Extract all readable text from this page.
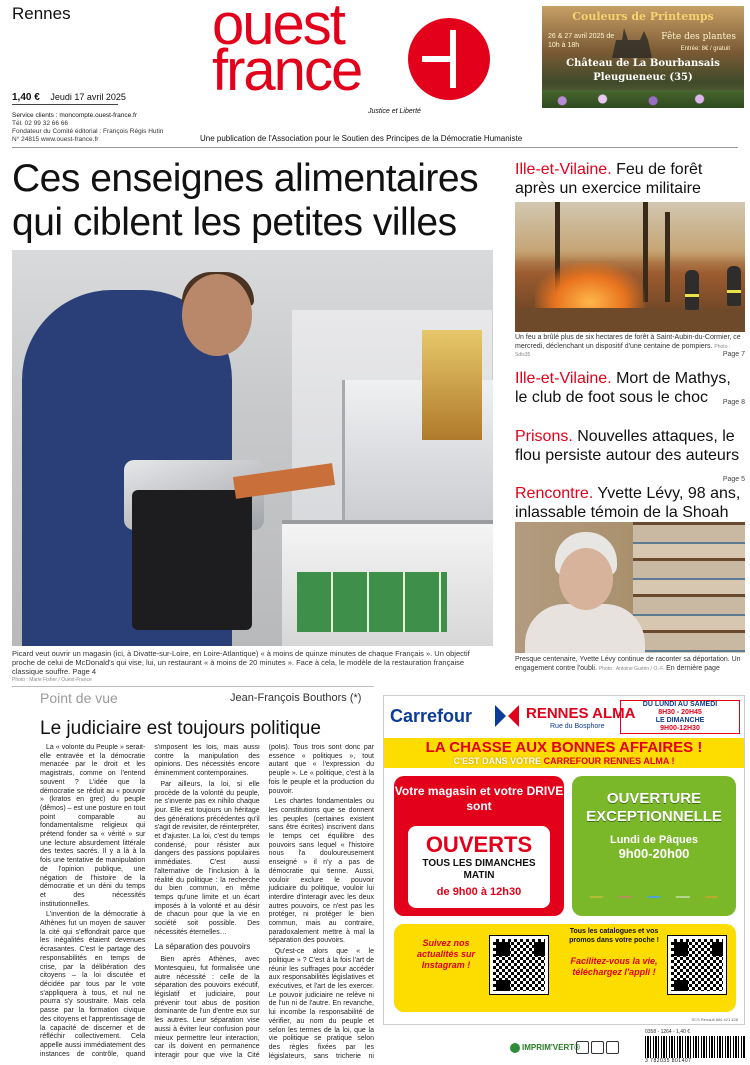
Rennes ouest
france
Justice et Liberté
Une publication de l'Association pour le Soutien des Principes de la Démocratie Humaniste
1,40 € Jeudi 17 avril 2025

Service clients : moncompte.ouest-france.fr

Tél. 02 99 32 66 66

Fondateur du Comité éditorial : François Régis Hutin

N° 24815 www.ouest-france.fr

Couleurs de Printemps
26 & 27 avril 2025 de 10h à 18h
Fête des plantes
Entrée: 8€ / gratuit
Château de La Bourbansais
Pleugueneuc (35)
Ces enseignes alimentaires qui ciblent les petites villes
Picard veut ouvrir un magasin (ici, à Divatte-sur-Loire, en Loire-Atlantique) « à moins de quinze minutes de chaque Français ». Un objectif proche de celui de McDonald's qui vise, lui, un restaurant « à moins de 20 minutes ». Face à cela, le modèle de la restauration française classique souffre. Page 4
Photo : Marie Fisher / Ouest-France
Ille-et-Vilaine. Feu de forêt après un exercice militaire
Un feu a brûlé plus de six hectares de forêt à Saint-Aubin-du-Cormier, ce mercredi, déclenchant un dispositif d'une centaine de pompiers. Photo : Sdis35	Page 7
Ille-et-Vilaine. Mort de Mathys, le club de foot sous le choc Page 8
Prisons. Nouvelles attaques, le flou persiste autour des auteurs
Page 5
Rencontre. Yvette Lévy, 98 ans, inlassable témoin de la Shoah
Presque centenaire, Yvette Lévy continue de raconter sa déportation. Un engagement contre l'oubli. Photo : Antoine Guérin / O.-F. En dernière page
Point de vue	Jean-François Bouthors (*)
Le judiciaire est toujours politique

La « volonté du Peuple » serait-elle entravée et la démocratie menacée par le droit et les magistrats, comme on l'entend souvent ? L'idée que la démocratie se réduit au « pouvoir » (kratos en grec) du peuple (dêmos) – est une posture en tout point comparable au fondamentalisme religieux qui prétend fonder sa « vérité » sur une lecture absurdement littérale des textes sacrés. Il y a là à la fois une tentative de manipulation de l'opinion publique, une négation de l'histoire de la démocratie et un déni du temps et des nécessités institutionnelles.

L'invention de la démocratie à Athènes fut un moyen de sauver la cité qui s'effondrait parce que les inégalités étaient devenues écrasantes. C'est le partage des responsabilités en temps de crise, par la délibération des citoyens – la loi discutée et décidée par tous par le vote s'appliquera à tous, et nul ne pourra s'y soustraire. Mais cela passe par la formation civique des citoyens et l'apprentissage de la capacité de discerner et de réfléchir collectivement. Cela appelle aussi immédiatement des instances de contrôle, quand s'imposent les lois, mais aussi contre la manipulation des opinions. Des nécessités encore éminemment contemporaines.

Par ailleurs, la loi, si elle procède de la volonté du peuple, ne s'invente pas ex nihilo chaque jour. Elle est toujours un héritage des générations précédentes qu'il s'agit de revisiter, de réinterpréter, et d'ajuster. La loi, c'est du temps condensé, pour résister aux dangers des passions populaires immédiates. C'est aussi l'alternative de l'inclusion à la réalité du politique : la recherche du bien commun, en même temps qu'une limite et un écart imposés à la volonté et au désir de chacun pour que la vie en société soit possible. Des nécessités éternelles…

La séparation des pouvoirs

Bien après Athènes, avec Montesquieu, fut formalisée une autre nécessité : celle de la séparation des pouvoirs exécutif, législatif et judiciaire, pour prévenir tout abus de position dominante de l'un d'entre eux sur les autres. Leur séparation vise aussi à éviter leur confusion pour mieux permettre leur interaction, car ils doivent en permanence interagir pour que vive la Cité (polis). Tous trois sont donc par essence « politiques », tout autant que « l'expression du peuple ». Le « politique, c'est à la fois le peuple et la production du pouvoir.

Les chartes fondamentales ou les constitutions que se donnent les peuples (certaines existent sans être écrites) inscrivent dans le temps cet équilibre des pouvoirs sans lequel « l'histoire nous l'a douloureusement enseigné » il n'y a pas de démocratie qui tienne. Aussi, vouloir exclure le pouvoir judiciaire du politique, vouloir lui interdire d'interagir avec les deux autres pouvoirs, ce n'est pas les protéger, ni protéger le bien commun, mais au contraire, paradoxalement mettre à mal la séparation des pouvoirs.

Qu'est-ce alors que « le politique » ? C'est à la fois l'art de réunir les suffrages pour accéder aux responsabilités législatives et exécutives, et l'art de les exercer. Le pouvoir judiciaire ne relève ni de l'un ni de l'autre. En revanche, lui incombe la responsabilité de vérifier, au nom du peuple et selon les termes de la loi, que la vie politique se pratique selon des règles fixées par les législateurs, sans tricherie ni

Carrefour	RENNES ALMA
Rue du Bosphore
DU LUNDI AU SAMEDI
8H30 - 20H45
LE DIMANCHE
9H00-12H30
LA CHASSE AUX BONNES AFFAIRES !
C'EST DANS VOTRE CARREFOUR RENNES ALMA !
Votre magasin et votre DRIVE sont
OUVERTS
TOUS LES DIMANCHES MATIN
de 9h00 à 12h30
OUVERTURE EXCEPTIONNELLE
Lundi de Pâques
9h00-20h00
Suivez nos actualités sur Instagram !
Tous les catalogues et vos promos dans votre poche !
Facilitez-vous la vie, téléchargez l'appli !
SCS Renault 886 421 428
IMPRIM'VERT®
0358 - 1264 - 1,40 €
3 782035 801407
